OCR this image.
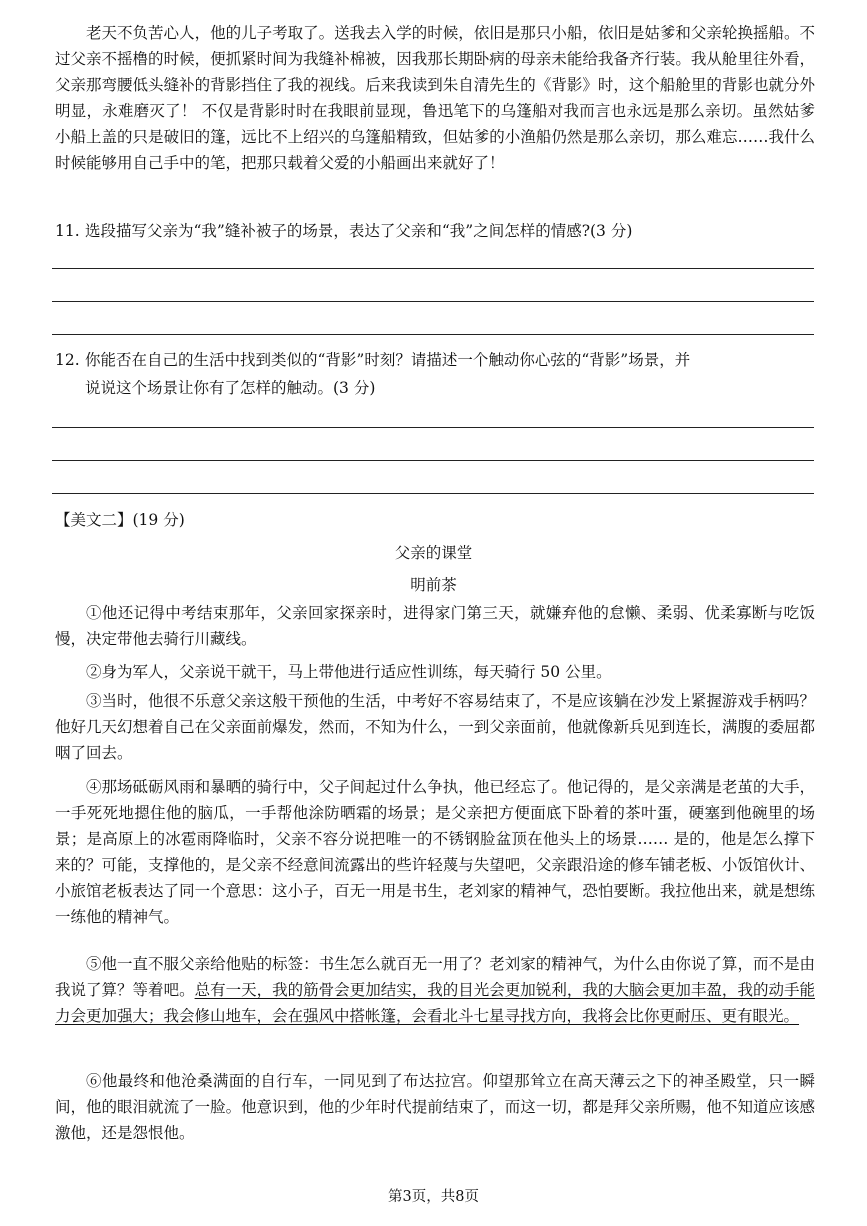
老天不负苦心人，他的儿子考取了。送我去入学的时候，依旧是那只小船，依旧是姑爹和父亲轮换摇船。不过父亲不摇橹的时候，便抓紧时间为我缝补棉被，因我那长期卧病的母亲未能给我备齐行装。我从舱里往外看，父亲那弯腰低头缝补的背影挡住了我的视线。后来我读到朱自清先生的《背影》时，这个船舱里的背影也就分外明显，永难磨灭了！ 不仅是背影时时在我眼前显现，鲁迅笔下的乌篷船对我而言也永远是那么亲切。虽然姑爹小船上盖的只是破旧的篷，远比不上绍兴的乌篷船精致，但姑爹的小渔船仍然是那么亲切，那么难忘……我什么时候能够用自己手中的笔，把那只载着父爱的小船画出来就好了！

11. 选段描写父亲为“我”缝补被子的场景，表达了父亲和“我”之间怎样的情感?(3 分)
12. 你能否在自己的生活中找到类似的“背影”时刻？请描述一个触动你心弦的“背影”场景，并
说说这个场景让你有了怎样的触动。(3 分)
【美文二】(19 分)
父亲的课堂
明前茶

①他还记得中考结束那年，父亲回家探亲时，进得家门第三天，就嫌弃他的怠懒、柔弱、优柔寡断与吃饭慢，决定带他去骑行川藏线。

②身为军人，父亲说干就干，马上带他进行适应性训练，每天骑行 50 公里。

③当时，他很不乐意父亲这般干预他的生活，中考好不容易结束了，不是应该躺在沙发上紧握游戏手柄吗？他好几天幻想着自己在父亲面前爆发，然而，不知为什么，一到父亲面前，他就像新兵见到连长，满腹的委屈都咽了回去。

④那场砥砺风雨和暴晒的骑行中，父子间起过什么争执，他已经忘了。他记得的，是父亲满是老茧的大手，一手死死地摁住他的脑瓜，一手帮他涂防晒霜的场景；是父亲把方便面底下卧着的茶叶蛋，硬塞到他碗里的场景；是高原上的冰雹雨降临时，父亲不容分说把唯一的不锈钢脸盆顶在他头上的场景…… 是的，他是怎么撑下来的？可能，支撑他的，是父亲不经意间流露出的些许轻蔑与失望吧，父亲跟沿途的修车铺老板、小饭馆伙计、小旅馆老板表达了同一个意思：这小子，百无一用是书生，老刘家的精神气，恐怕要断。我拉他出来，就是想练一练他的精神气。

⑤他一直不服父亲给他贴的标签：书生怎么就百无一用了？老刘家的精神气，为什么由你说了算，而不是由我说了算？等着吧。总有一天，我的筋骨会更加结实，我的目光会更加锐利，我的大脑会更加丰盈，我的动手能力会更加强大；我会修山地车，会在强风中搭帐篷，会看北斗七星寻找方向，我将会比你更耐压、更有眼光。

⑥他最终和他沧桑满面的自行车，一同见到了布达拉宫。仰望那耸立在高天薄云之下的神圣殿堂，只一瞬间，他的眼泪就流了一脸。他意识到，他的少年时代提前结束了，而这一切，都是拜父亲所赐，他不知道应该感激他，还是怨恨他。

第3页，共8页
